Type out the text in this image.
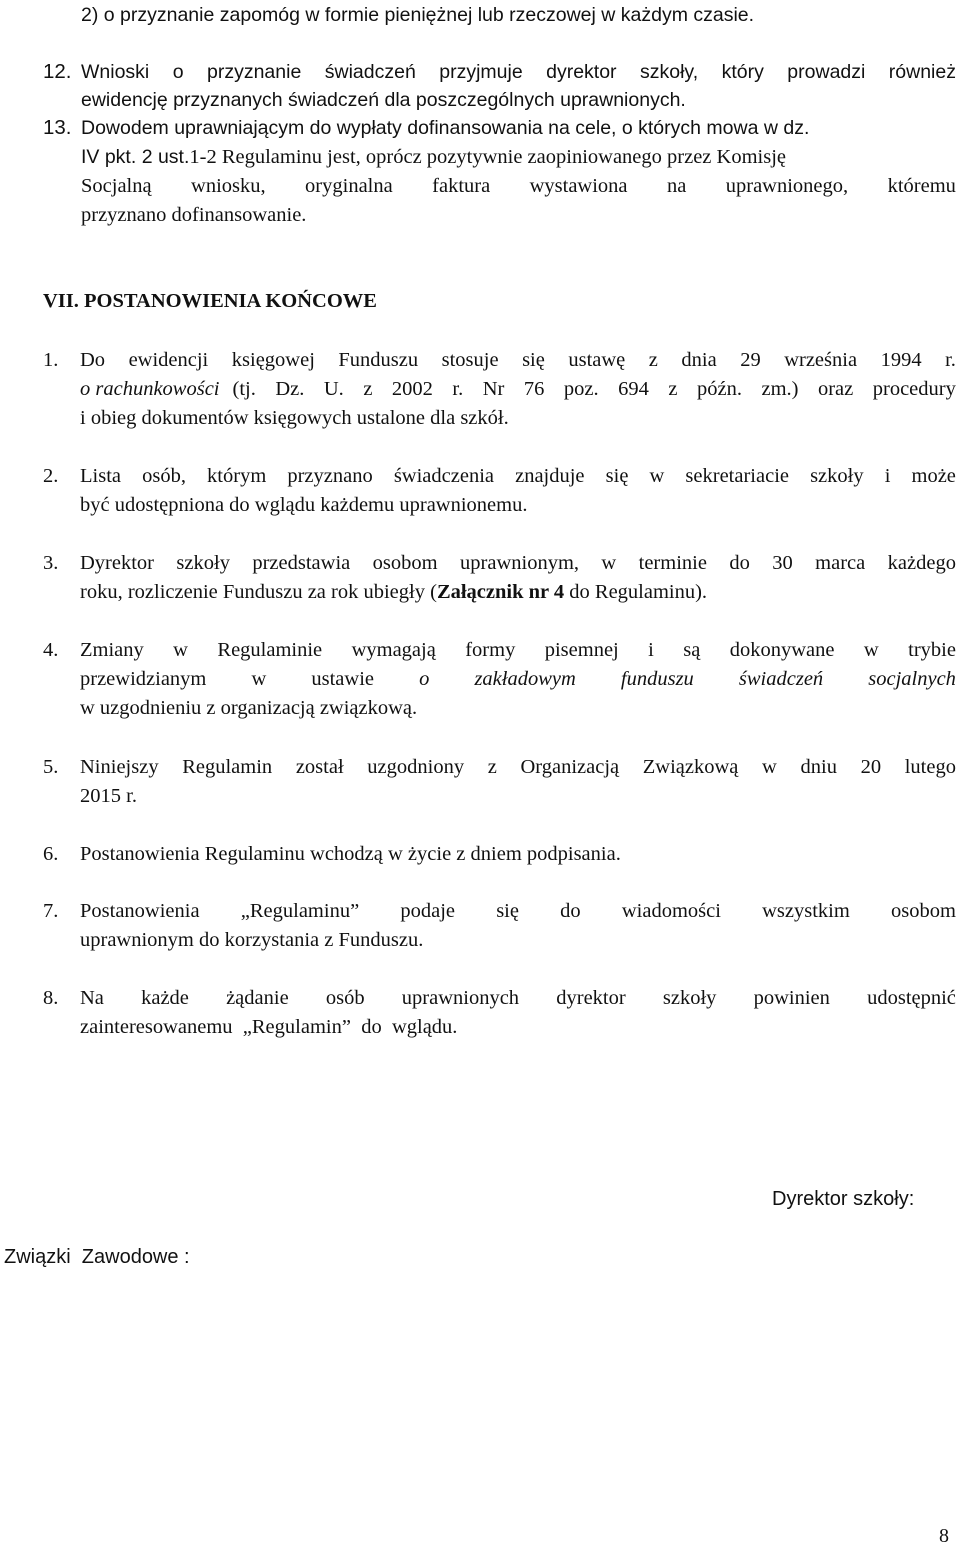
2) o przyznanie zapomóg w formie pieniężnej lub rzeczowej w każdym czasie.
12. Wnioski o przyznanie świadczeń przyjmuje dyrektor szkoły, który prowadzi również
ewidencję przyznanych świadczeń dla poszczególnych uprawnionych.
13. Dowodem uprawniającym do wypłaty dofinansowania na cele, o których mowa w dz.
IV pkt. 2 ust.1-2 Regulaminu jest, oprócz pozytywnie zaopiniowanego przez Komisję
Socjalną wniosku, oryginalna faktura wystawiona na uprawnionego, któremu
przyznano dofinansowanie.
VII. POSTANOWIENIA KOŃCOWE
1. Do ewidencji księgowej Funduszu stosuje się ustawę z dnia 29 września 1994 r.
o rachunkowości (tj. Dz. U. z 2002 r. Nr 76 poz. 694 z późn. zm.) oraz procedury
i obieg dokumentów księgowych ustalone dla szkół.
2. Lista osób, którym przyznano świadczenia znajduje się w sekretariacie szkoły i może
być udostępniona do wglądu każdemu uprawnionemu.
3. Dyrektor szkoły przedstawia osobom uprawnionym, w terminie do 30 marca każdego
roku, rozliczenie Funduszu za rok ubiegły (Załącznik nr 4 do Regulaminu).
4. Zmiany w Regulaminie wymagają formy pisemnej i są dokonywane w trybie
przewidzianym w ustawie o zakładowym funduszu świadczeń socjalnych
w uzgodnieniu z organizacją związkową.
5. Niniejszy Regulamin został uzgodniony z Organizacją Związkową w dniu 20 lutego
2015 r.
6. Postanowienia Regulaminu wchodzą w życie z dniem podpisania.
7. Postanowienia „Regulaminu” podaje się do wiadomości wszystkim osobom
uprawnionym do korzystania z Funduszu.
8. Na każde żądanie osób uprawnionych dyrektor szkoły powinien udostępnić
zainteresowanemu  „Regulamin”  do  wglądu.
Dyrektor szkoły:
Związki  Zawodowe :
8
